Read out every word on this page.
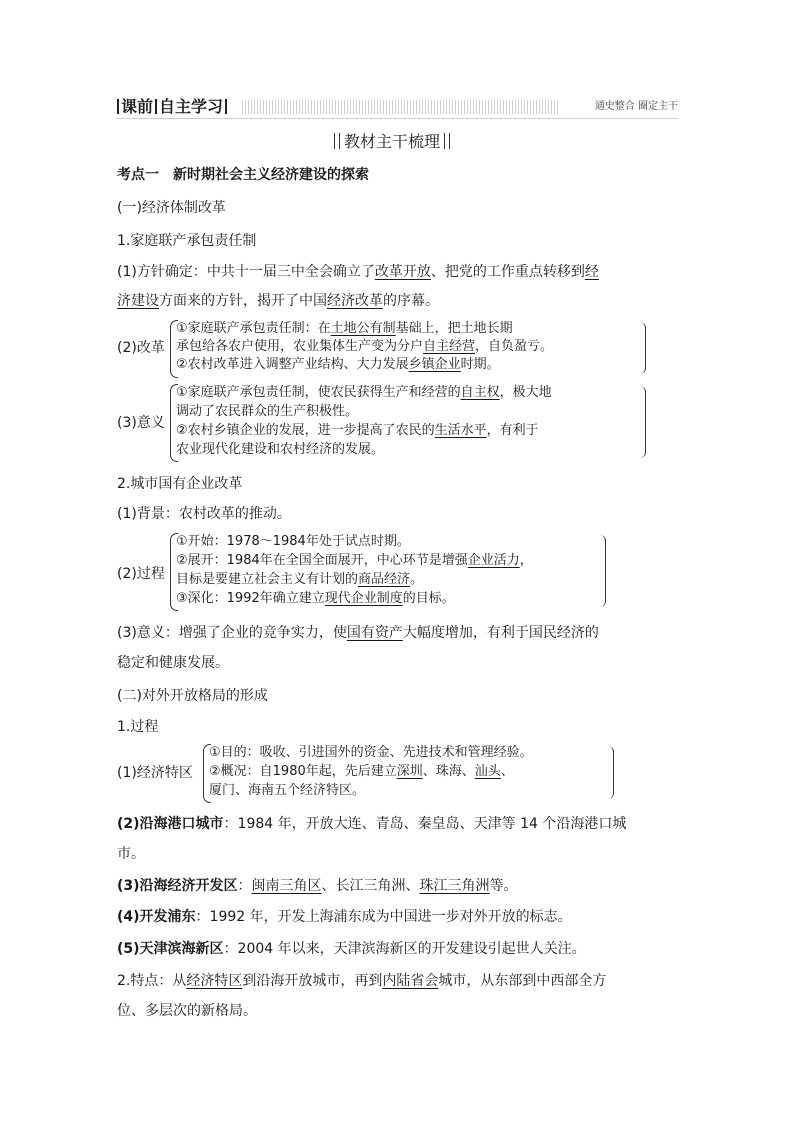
课前 自主学习	通史整合 圈定主干
教材主干梳理
考点一　新时期社会主义经济建设的探索
(一)经济体制改革
1.家庭联产承包责任制
(1)方针确定：中共十一届三中全会确立了改革开放、把党的工作重点转移到经
济建设方面来的方针，揭开了中国经济改革的序幕。
(2)改革
①家庭联产承包责任制：在土地公有制基础上，把土地长期
承包给各农户使用，农业集体生产变为分户自主经营，自负盈亏。
②农村改革进入调整产业结构、大力发展乡镇企业时期。
(3)意义
①家庭联产承包责任制，使农民获得生产和经营的自主权，极大地
调动了农民群众的生产积极性。
②农村乡镇企业的发展，进一步提高了农民的生活水平，有利于
农业现代化建设和农村经济的发展。
2.城市国有企业改革
(1)背景：农村改革的推动。
(2)过程
①开始：1978～1984年处于试点时期。
②展开：1984年在全国全面展开，中心环节是增强企业活力，
目标是要建立社会主义有计划的商品经济。
③深化：1992年确立建立现代企业制度的目标。
(3)意义：增强了企业的竞争实力，使国有资产大幅度增加，有利于国民经济的
稳定和健康发展。
(二)对外开放格局的形成
1.过程
(1)经济特区
①目的：吸收、引进国外的资金、先进技术和管理经验。
②概况：自1980年起，先后建立深圳、珠海、汕头、
厦门、海南五个经济特区。
(2)沿海港口城市：1984 年，开放大连、青岛、秦皇岛、天津等 14 个沿海港口城
市。
(3)沿海经济开发区：闽南三角区、长江三角洲、珠江三角洲等。
(4)开发浦东：1992 年，开发上海浦东成为中国进一步对外开放的标志。
(5)天津滨海新区：2004 年以来，天津滨海新区的开发建设引起世人关注。
2.特点：从经济特区到沿海开放城市，再到内陆省会城市，从东部到中西部全方
位、多层次的新格局。
